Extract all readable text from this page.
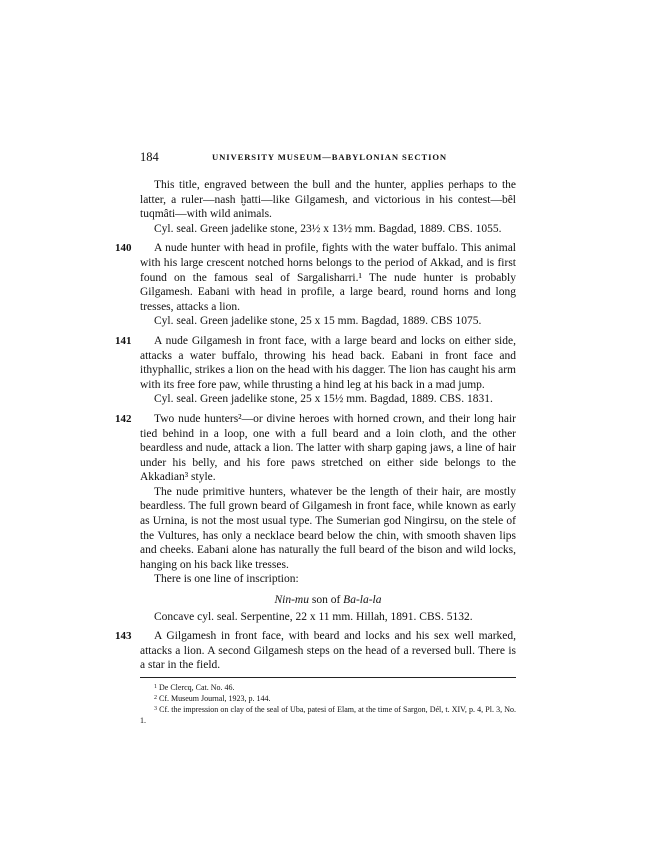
184	UNIVERSITY MUSEUM—BABYLONIAN SECTION

This title, engraved between the bull and the hunter, applies perhaps to the latter, a ruler—nash ḫatti—like Gilgamesh, and victorious in his contest—bêl tuqmâti—with wild animals.

Cyl. seal. Green jadelike stone, 23½ x 13½ mm. Bagdad, 1889. CBS. 1055.

140	A nude hunter with head in profile, fights with the water buffalo. This animal with his large crescent notched horns belongs to the period of Akkad, and is first found on the famous seal of Sargalisharri.¹ The nude hunter is probably Gilgamesh. Eabani with head in profile, a large beard, round horns and long tresses, attacks a lion.

Cyl. seal. Green jadelike stone, 25 x 15 mm. Bagdad, 1889. CBS 1075.

141	A nude Gilgamesh in front face, with a large beard and locks on either side, attacks a water buffalo, throwing his head back. Eabani in front face and ithyphallic, strikes a lion on the head with his dagger. The lion has caught his arm with its free fore paw, while thrusting a hind leg at his back in a mad jump.

Cyl. seal. Green jadelike stone, 25 x 15½ mm. Bagdad, 1889. CBS. 1831.

142	Two nude hunters²—or divine heroes with horned crown, and their long hair tied behind in a loop, one with a full beard and a loin cloth, and the other beardless and nude, attack a lion. The latter with sharp gaping jaws, a line of hair under his belly, and his fore paws stretched on either side belongs to the Akkadian³ style.

The nude primitive hunters, whatever be the length of their hair, are mostly beardless. The full grown beard of Gilgamesh in front face, while known as early as Urnina, is not the most usual type. The Sumerian god Ningirsu, on the stele of the Vultures, has only a necklace beard below the chin, with smooth shaven lips and cheeks. Eabani alone has naturally the full beard of the bison and wild locks, hanging on his back like tresses.

There is one line of inscription:

Nin-mu son of Ba-la-la

Concave cyl. seal. Serpentine, 22 x 11 mm. Hillah, 1891. CBS. 5132.

143	A Gilgamesh in front face, with beard and locks and his sex well marked, attacks a lion. A second Gilgamesh steps on the head of a reversed bull. There is a star in the field.

$^1$ De Clercq, Cat. No. 46.

$^2$ Cf. Museum Journal, 1923, p. 144.

$^3$ Cf. the impression on clay of the seal of Uba, patesi of Elam, at the time of Sargon, Dél, t. XIV, p. 4, Pl. 3, No. 1.
